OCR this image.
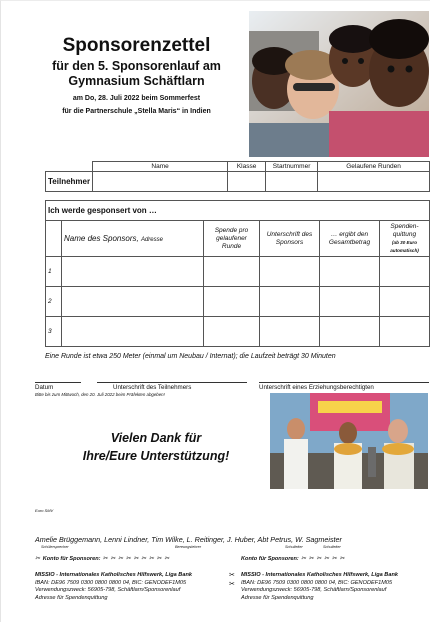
Sponsorenzettel
für den 5. Sponsorenlauf am
Gymnasium Schäftlarn
am Do, 28. Juli 2022 beim Sommerfest
für die Partnerschule „Stella Maris“ in Indien
	Name	Klasse	Startnummer	Gelaufene Runden
Teilnehmer				
Ich werde gesponsert von …					
	Name des Sponsors, Adresse	Spende pro gelaufener Runde	Unterschrift des Sponsors	… ergibt den Gesamtbetrag	Spenden-quittung
(ab 30 Euro automatisch)

1					
2					
3					
Eine Runde ist etwa 250 Meter (einmal um Neubau / Internat); die Laufzeit beträgt 30 Minuten
Datum	Unterschrift des Teilnehmers	Unterschrift eines Erziehungsberechtigten
Bitte bis zum Mittwoch, den 20. Juli 2022 beim Präfekten abgeben!
Vielen Dank für
Ihre/Eure Unterstützung!
Euro SMV
Amelie Brüggemann, Lenni Lindner, Tim Wilke, L. Reitinger, J. Huber, Abt Petrus, W. Sagmeister
Schülersprecher	Bereungslehrer	Schulleiter	Schulleiter
✂ Konto für Sponsoren: ✂ ✂ ✂ ✂ ✂ ✂ ✂ ✂ ✂	Konto für Sponsoren: ✂ ✂ ✂ ✂ ✂ ✂
MISSIO - Internationales Katholisches Hilfswerk, Liga Bank
IBAN: DE96 7509 0300 0800 0800 04, BIC: GENODEF1M05
Verwendungszweck: 56905-798, Schäftlarn/Sponsorenlauf
Adresse für Spendenquittung
✂
✂
MISSIO - Internationales Katholisches Hilfswerk, Liga Bank
IBAN: DE96 7509 0300 0800 0800 04, BIC: GENODEF1M05
Verwendungszweck: 56905-798, Schäftlarn/Sponsorenlauf
Adresse für Spendenquittung
